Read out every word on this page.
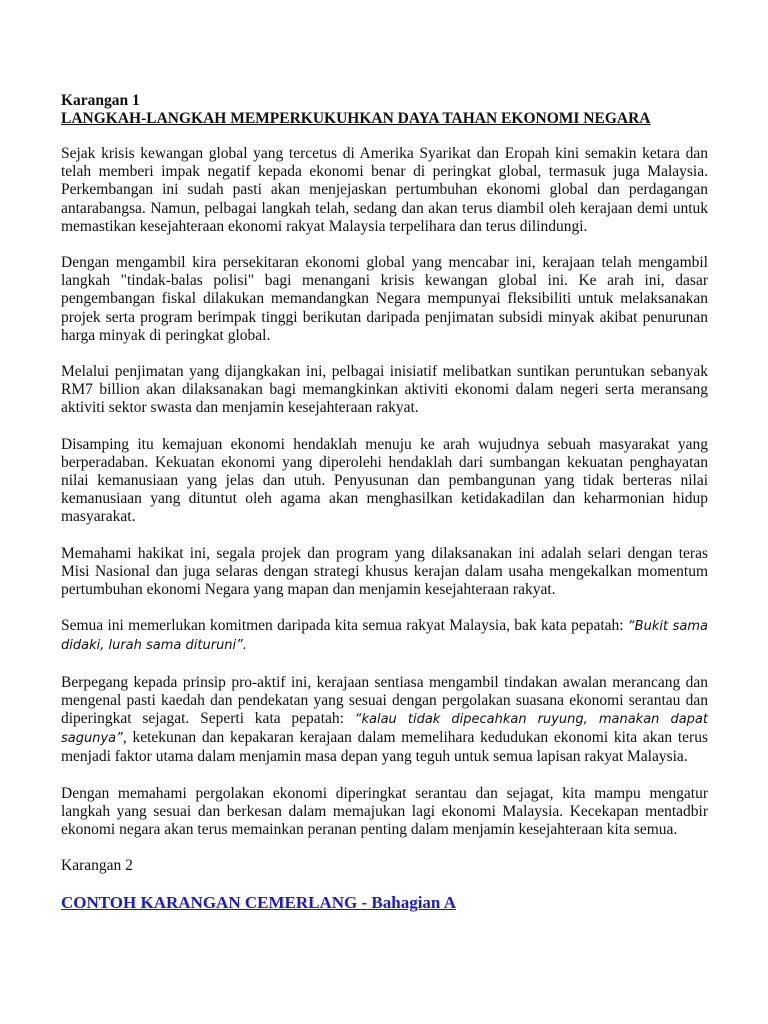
Karangan 1

LANGKAH-LANGKAH MEMPERKUKUHKAN DAYA TAHAN EKONOMI NEGARA

Sejak krisis kewangan global yang tercetus di Amerika Syarikat dan Eropah kini semakin ketara dan telah memberi impak negatif kepada ekonomi benar di peringkat global, termasuk juga Malaysia. Perkembangan ini sudah pasti akan menjejaskan pertumbuhan ekonomi global dan perdagangan antarabangsa. Namun, pelbagai langkah telah, sedang dan akan terus diambil oleh kerajaan demi untuk memastikan kesejahteraan ekonomi rakyat Malaysia terpelihara dan terus dilindungi.

Dengan mengambil kira persekitaran ekonomi global yang mencabar ini, kerajaan telah mengambil langkah "tindak-balas polisi" bagi menangani krisis kewangan global ini. Ke arah ini, dasar pengembangan fiskal dilakukan memandangkan Negara mempunyai fleksibiliti untuk melaksanakan projek serta program berimpak tinggi berikutan daripada penjimatan subsidi minyak akibat penurunan harga minyak di peringkat global.

Melalui penjimatan yang dijangkakan ini, pelbagai inisiatif melibatkan suntikan peruntukan sebanyak RM7 billion akan dilaksanakan bagi memangkinkan aktiviti ekonomi dalam negeri serta meransang aktiviti sektor swasta dan menjamin kesejahteraan rakyat.

Disamping itu kemajuan ekonomi hendaklah menuju ke arah wujudnya sebuah masyarakat yang berperadaban. Kekuatan ekonomi yang diperolehi hendaklah dari sumbangan kekuatan penghayatan nilai kemanusiaan yang jelas dan utuh. Penyusunan dan pembangunan yang tidak berteras nilai kemanusiaan yang dituntut oleh agama akan menghasilkan ketidakadilan dan keharmonian hidup masyarakat.

Memahami hakikat ini, segala projek dan program yang dilaksanakan ini adalah selari dengan teras Misi Nasional dan juga selaras dengan strategi khusus kerajan dalam usaha mengekalkan momentum pertumbuhan ekonomi Negara yang mapan dan menjamin kesejahteraan rakyat.

Semua ini memerlukan komitmen daripada kita semua rakyat Malaysia, bak kata pepatah: “Bukit sama didaki, lurah sama dituruni”.

Berpegang kepada prinsip pro-aktif ini, kerajaan sentiasa mengambil tindakan awalan merancang dan mengenal pasti kaedah dan pendekatan yang sesuai dengan pergolakan suasana ekonomi serantau dan diperingkat sejagat. Seperti kata pepatah: “kalau tidak dipecahkan ruyung, manakan dapat sagunya”, ketekunan dan kepakaran kerajaan dalam memelihara kedudukan ekonomi kita akan terus menjadi faktor utama dalam menjamin masa depan yang teguh untuk semua lapisan rakyat Malaysia.

Dengan memahami pergolakan ekonomi diperingkat serantau dan sejagat, kita mampu mengatur langkah yang sesuai dan berkesan dalam memajukan lagi ekonomi Malaysia. Kecekapan mentadbir ekonomi negara akan terus memainkan peranan penting dalam menjamin kesejahteraan kita semua.

Karangan 2

CONTOH KARANGAN CEMERLANG - Bahagian A
